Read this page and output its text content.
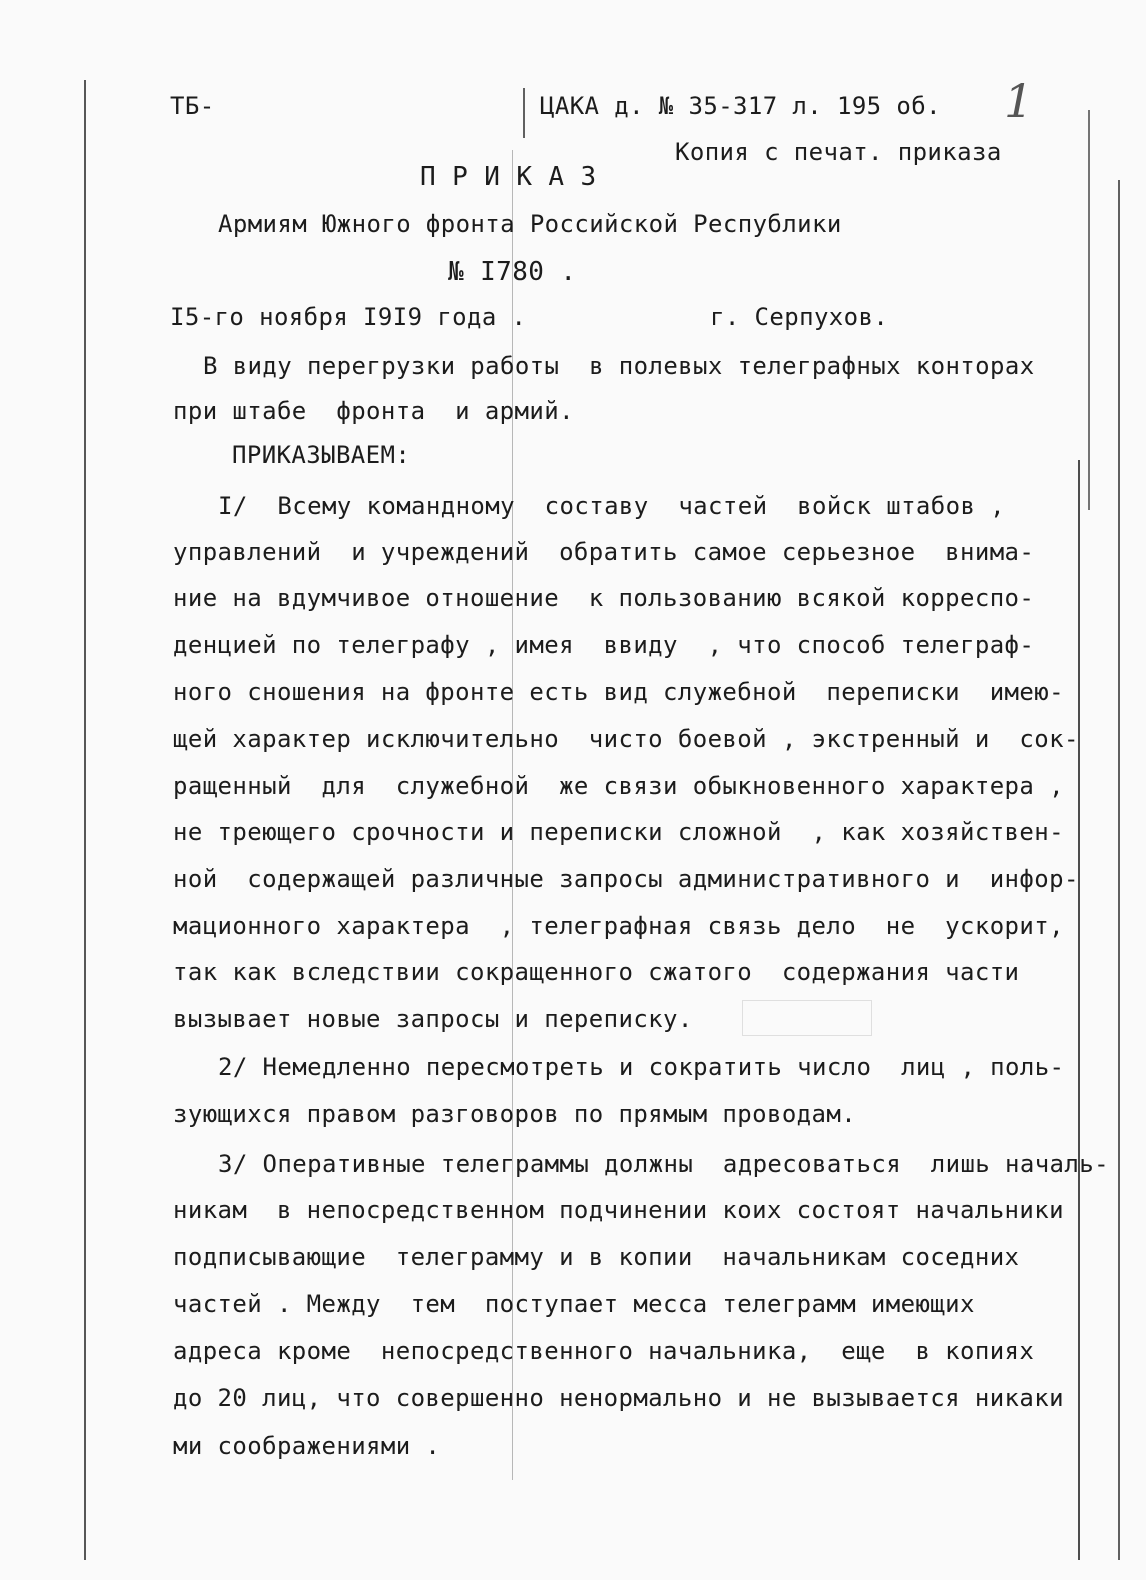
ТБ-	ЦАКА д. № 35-317 л. 195 об. 1
Копия с печат. приказа
П Р И К А З
Армиям Южного фронта Российской Республики
№ I780 .
I5-го ноября I9I9 года .	г. Серпухов.
В виду перегрузки работы  в полевых телеграфных конторах
при штабе  фронта  и армий.
ПРИКАЗЫВАЕМ:
I/  Всему командному  составу  частей  войск штабов ,
управлений  и учреждений  обратить самое серьезное  внима-
ние на вдумчивое отношение  к пользованию всякой корреспо-
денцией по телеграфу , имея  ввиду  , что способ телеграф-
ного сношения на фронте есть вид служебной  переписки  имею-
щей характер исключительно  чисто боевой , экстренный и  сок-
ращенный  для  служебной  же связи обыкновенного характера ,
не треющего срочности и переписки сложной  , как хозяйствен-
ной  содержащей различные запросы административного и  инфор-
мационного характера  , телеграфная связь дело  не  ускорит,
так как вследствии сокращенного сжатого  содержания части
вызывает новые запросы и переписку.
2/ Немедленно пересмотреть и сократить число  лиц , поль-
зующихся правом разговоров по прямым проводам.
3/ Оперативные телеграммы должны  адресоваться  лишь началь-
никам  в непосредственном подчинении коих состоят начальники
подписывающие  телеграмму и в копии  начальникам соседних
частей . Между  тем  поступает месса телеграмм имеющих
адреса кроме  непосредственного начальника,  еще  в копиях
до 20 лиц, что совершенно ненормально и не вызывается никаки
ми соображениями .
